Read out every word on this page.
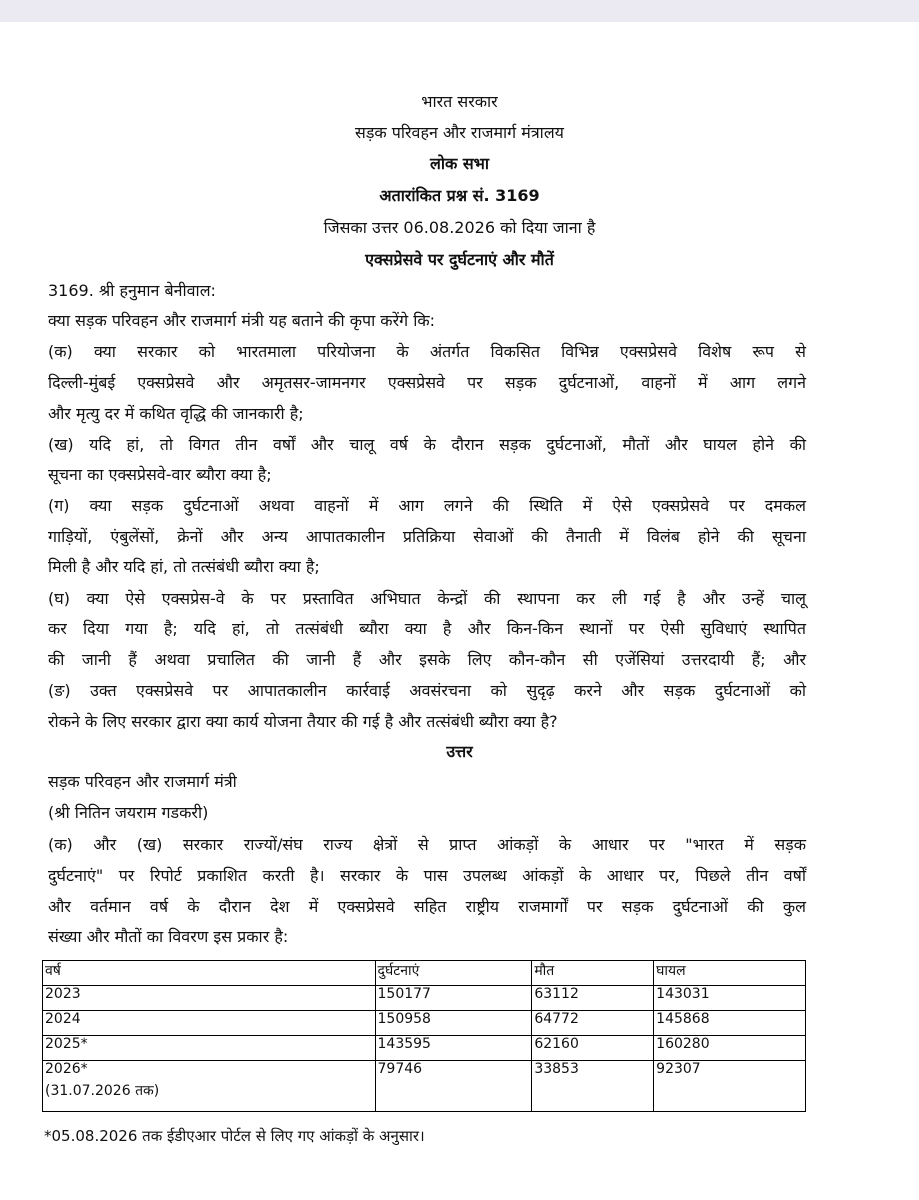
भारत सरकार
सड़क परिवहन और राजमार्ग मंत्रालय
लोक सभा
अतारांकित प्रश्न सं. 3169
जिसका उत्तर 06.08.2026 को दिया जाना है
एक्सप्रेसवे पर दुर्घटनाएं और मौतें
3169. श्री हनुमान बेनीवाल:
क्या सड़क परिवहन और राजमार्ग मंत्री यह बताने की कृपा करेंगे कि:
(क) क्या सरकार को भारतमाला परियोजना के अंतर्गत विकसित विभिन्न एक्सप्रेसवे विशेष रूप से
दिल्ली-मुंबई एक्सप्रेसवे और अमृतसर-जामनगर एक्सप्रेसवे पर सड़क दुर्घटनाओं, वाहनों में आग लगने
और मृत्यु दर में कथित वृद्धि की जानकारी है;
(ख) यदि हां, तो विगत तीन वर्षों और चालू वर्ष के दौरान सड़क दुर्घटनाओं, मौतों और घायल होने की
सूचना का एक्सप्रेसवे-वार ब्यौरा क्या है;
(ग) क्या सड़क दुर्घटनाओं अथवा वाहनों में आग लगने की स्थिति में ऐसे एक्सप्रेसवे पर दमकल
गाड़ियों, एंबुलेंसों, क्रेनों और अन्य आपातकालीन प्रतिक्रिया सेवाओं की तैनाती में विलंब होने की सूचना
मिली है और यदि हां, तो तत्संबंधी ब्यौरा क्या है;
(घ) क्या ऐसे एक्सप्रेस-वे के पर प्रस्तावित अभिघात केन्द्रों की स्थापना कर ली गई है और उन्हें चालू
कर दिया गया है; यदि हां, तो तत्संबंधी ब्यौरा क्या है और किन-किन स्थानों पर ऐसी सुविधाएं स्थापित
की जानी हैं अथवा प्रचालित की जानी हैं और इसके लिए कौन-कौन सी एजेंसियां उत्तरदायी हैं; और
(ङ) उक्त एक्सप्रेसवे पर आपातकालीन कार्रवाई अवसंरचना को सुदृढ़ करने और सड़क दुर्घटनाओं को
रोकने के लिए सरकार द्वारा क्या कार्य योजना तैयार की गई है और तत्संबंधी ब्यौरा क्या है?
उत्तर
सड़क परिवहन और राजमार्ग मंत्री
(श्री नितिन जयराम गडकरी)
(क) और (ख) सरकार राज्यों/संघ राज्य क्षेत्रों से प्राप्त आंकड़ों के आधार पर "भारत में सड़क
दुर्घटनाएं" पर रिपोर्ट प्रकाशित करती है। सरकार के पास उपलब्ध आंकड़ों के आधार पर, पिछले तीन वर्षों
और वर्तमान वर्ष के दौरान देश में एक्सप्रेसवे सहित राष्ट्रीय राजमार्गों पर सड़क दुर्घटनाओं की कुल
संख्या और मौतों का विवरण इस प्रकार है:
वर्ष	दुर्घटनाएं	मौत	घायल
2023	150177	63112	143031
2024	150958	64772	145868
2025*	143595	62160	160280
2026*
(31.07.2026 तक)	79746	33853	92307
*05.08.2026 तक ईडीएआर पोर्टल से लिए गए आंकड़ों के अनुसार।
